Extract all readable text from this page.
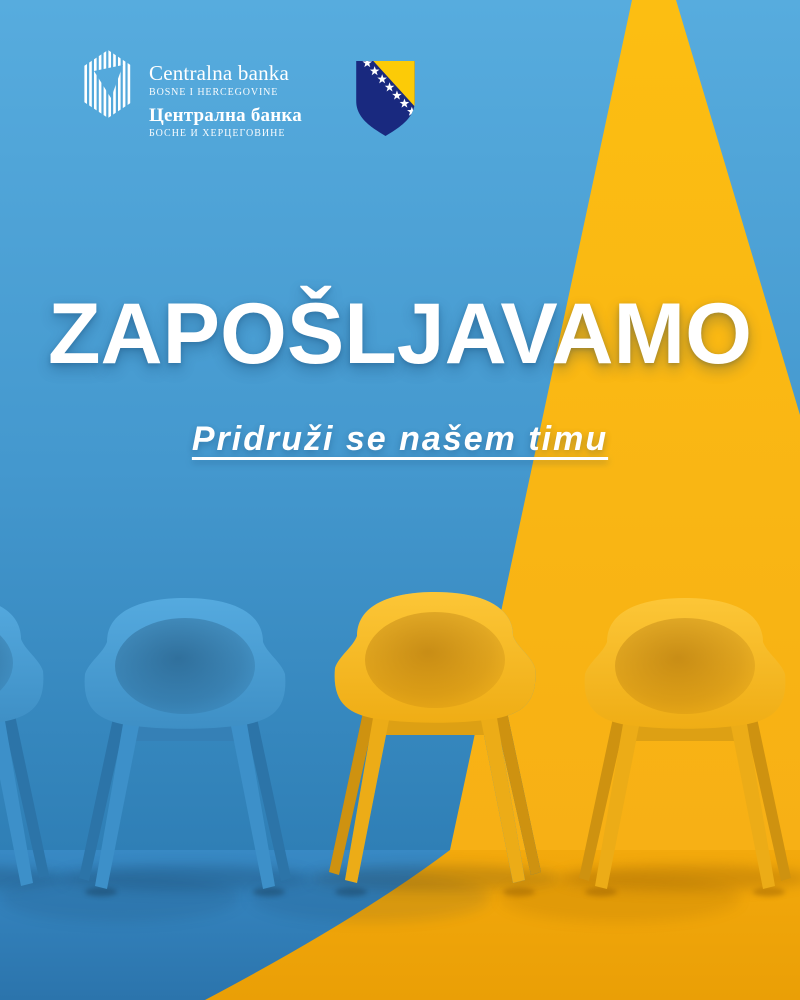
Centralna banka
BOSNE I HERCEGOVINE
Централна банка
БОСНЕ И ХЕРЦЕГОВИНЕ
ZAPOŠLJAVAMO
Pridruži se našem timu
